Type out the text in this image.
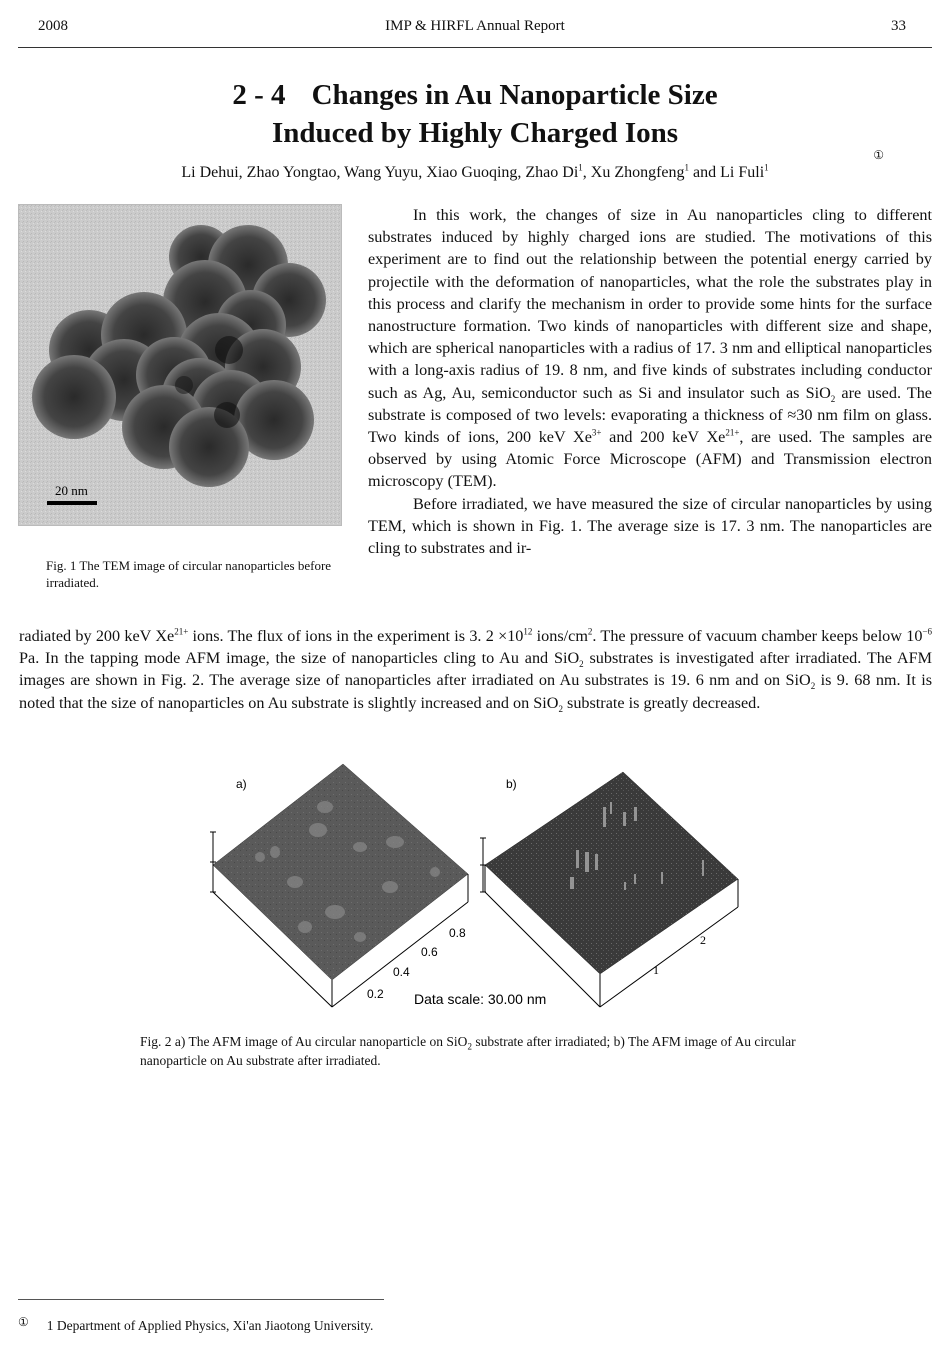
2008	IMP & HIRFL Annual Report	33
2 - 4 Changes in Au Nanoparticle Size
Induced by Highly Charged Ions
①
Li Dehui, Zhao Yongtao, Wang Yuyu, Xiao Guoqing, Zhao Di$^1$, Xu Zhongfeng$^1$ and Li Fuli$^1$
20 nm
Fig. 1 The TEM image of circular nanoparticles before irradiated.

In this work, the changes of size in Au nanoparticles cling to different substrates induced by highly charged ions are studied. The motivations of this experiment are to find out the relationship between the potential energy carried by projectile with the deformation of nanoparticles, what the role the substrates play in this process and clarify the mechanism in order to provide some hints for the surface nanostructure formation. Two kinds of nanoparticles with different size and shape, which are spherical nanoparticles with a radius of 17. 3 nm and elliptical nanoparticles with a long-axis radius of 19. 8 nm, and five kinds of substrates including conductor such as Ag, Au, semiconductor such as Si and insulator such as SiO$_2$ are used. The substrate is composed of two levels: evaporating a thickness of ≈30 nm film on glass. Two kinds of ions, 200 keV $Xe^{3+}$ and 200 keV $Xe^{21+}$, are used. The samples are observed by using Atomic Force Microscope (AFM) and Transmission electron microscopy (TEM).

Before irradiated, we have measured the size of circular nanoparticles by using TEM, which is shown in Fig. 1. The average size is 17. 3 nm. The nanoparticles are cling to substrates and ir-

radiated by 200 keV $Xe^{21+}$ ions. The flux of ions in the experiment is 3. $2 \times 10^{12}$ ions/$cm^2$. The pressure of vacuum chamber keeps below $10^{-6}$ Pa. In the tapping mode AFM image, the size of nanoparticles cling to Au and SiO$_2$ substrates is investigated after irradiated. The AFM images are shown in Fig. 2. The average size of nanoparticles after irradiated on Au substrates is 19. 6 nm and on SiO$_2$ is 9. 68 nm. It is noted that the size of nanoparticles on Au substrate is slightly increased and on SiO$_2$ substrate is greatly decreased.

a)
0.2
0.4
0.6
0.8
b)
1
2
Data scale: 30.00 nm
Fig. 2 a) The AFM image of Au circular nanoparticle on SiO$_2$ substrate after irradiated; b) The AFM image of Au circular nanoparticle on Au substrate after irradiated.
① 1 Department of Applied Physics, Xi'an Jiaotong University.
